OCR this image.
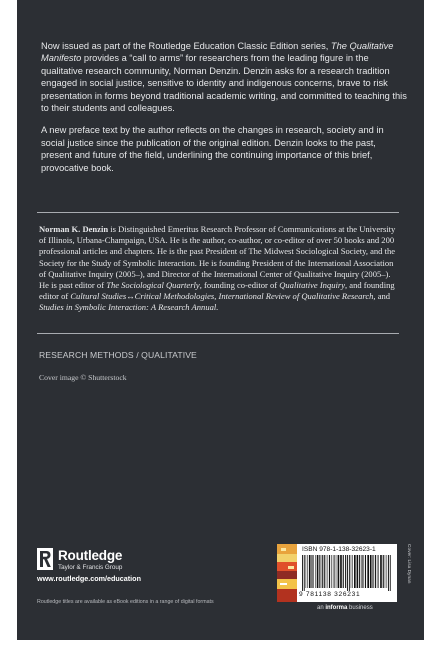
Now issued as part of the Routledge Education Classic Edition series, The Qualitative Manifesto provides a “call to arms” for researchers from the leading figure in the qualitative research community, Norman Denzin. Denzin asks for a research tradition engaged in social justice, sensitive to identity and indigenous concerns, brave to risk presentation in forms beyond traditional academic writing, and committed to teaching this to their students and colleagues.

A new preface text by the author reflects on the changes in research, society and in social justice since the publication of the original edition. Denzin looks to the past, present and future of the field, underlining the continuing importance of this brief, provocative book.

Norman K. Denzin is Distinguished Emeritus Research Professor of Communications at the University of Illinois, Urbana-Champaign, USA. He is the author, co-author, or co-editor of over 50 books and 200 professional articles and chapters. He is the past President of The Midwest Sociological Society, and the Society for the Study of Symbolic Interaction. He is founding President of the International Association of Qualitative Inquiry (2005–), and Director of the International Center of Qualitative Inquiry (2005–). He is past editor of The Sociological Quarterly, founding co-editor of Qualitative Inquiry, and founding editor of Cultural Studies↔Critical Methodologies, International Review of Qualitative Research, and Studies in Symbolic Interaction: A Research Annual.
RESEARCH METHODS / QUALITATIVE
Cover image © Shutterstock
Routledge
Taylor & Francis Group
www.routledge.com/education
Routledge titles are available as eBook editions in a range of digital formats
ISBN 978-1-138-32623-1
9 781138 326231
Cover: Lisa Dynan
an informa business
